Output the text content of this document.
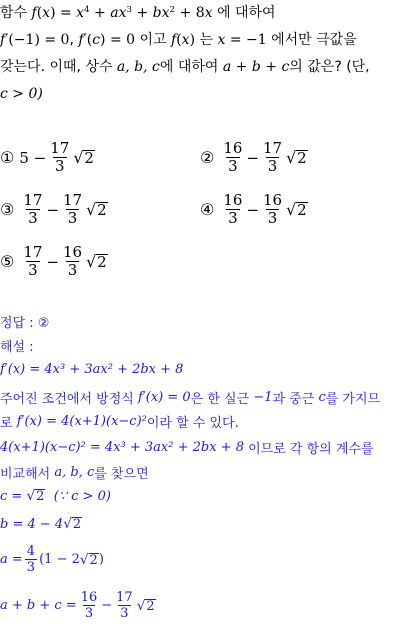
함수 $f(x) = x^4 + ax^3 + bx^2 + 8x$ 에 대하여
f′(−1) = 0, f′(c) = 0 이고 f(x) 는 x = −1 에서만 극값을
갖는다. 이때, 상수 a, b, c에 대하여 a + b + c의 값은? (단,
c > 0)
① $5 - \frac{17}{3}$ √ 2	② $\frac{16}{3} - \frac{17}{3}$ √ 2
③ $\frac{17}{3} - \frac{17}{3}$ √ 2	④ $\frac{16}{3} - \frac{16}{3}$ √ 2
⑤ $\frac{17}{3} - \frac{16}{3}$ √ 2
정답 : ②
해설 :
f′(x) = 4x³ + 3ax² + 2bx + 8
주어진 조건에서 방정식
f′(x) = 0 은 한 실근
−1 과 중근
c 를 가지므
로
f′(x) = 4(x+1)(x−c)² 이라 할 수 있다.
4(x+1)(x−c)² = 4x³ + 3ax² + 2bx + 8
이므로 각 항의 계수를
비교해서
a, b, c 를 찾으면
c =
√ 2
(∵ c > 0)
b = 4 − 4 √ 2
$a = \frac{4}{3} (1 - 2$ √ 2 )
$a + b + c = \frac{16}{3} - \frac{17}{3}$ √ 2
